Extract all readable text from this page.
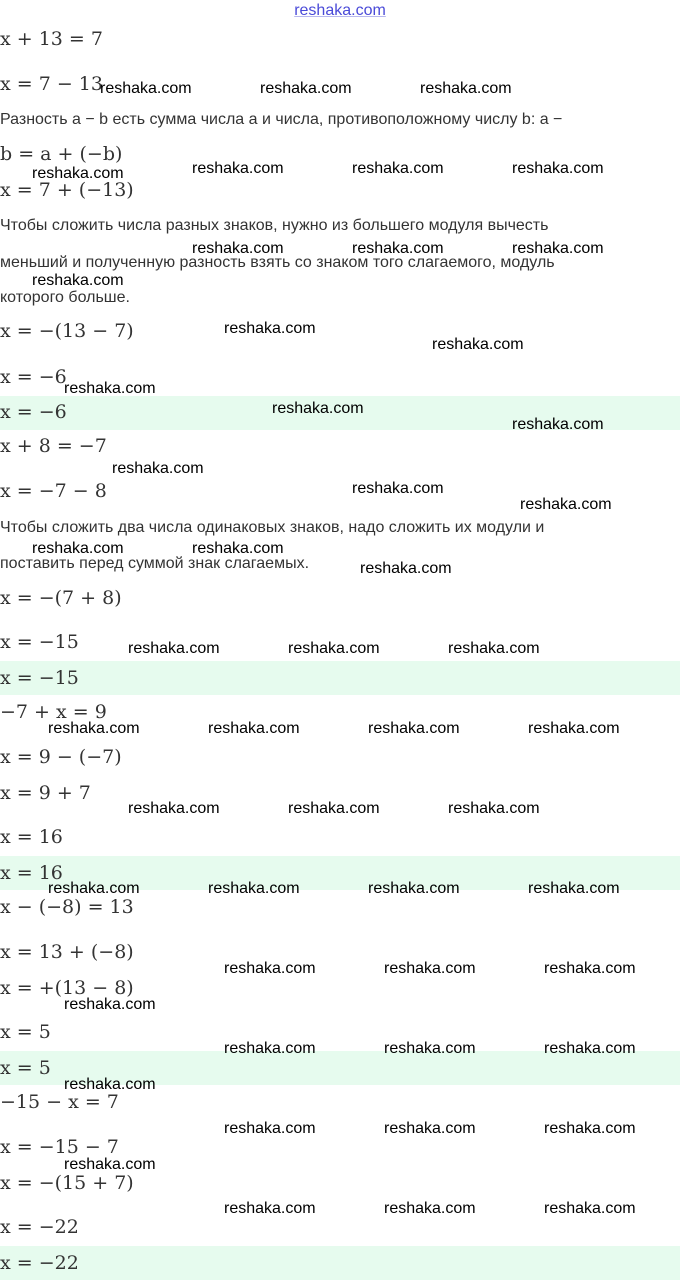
reshaka.com
x + 13 = 7
x = 7 − 13
Разность a − b есть сумма числа a и числа, противоположному числу b: a −
b = a + (−b)
x = 7 + (−13)
Чтобы сложить числа разных знаков, нужно из большего модуля вычесть
меньший и полученную разность взять со знаком того слагаемого, модуль
которого больше.
x = −(13 − 7)
x = −6
x = −6
x + 8 = −7
x = −7 − 8
Чтобы сложить два числа одинаковых знаков, надо сложить их модули и
поставить перед суммой знак слагаемых.
x = −(7 + 8)
x = −15
x = −15
−7 + x = 9
x = 9 − (−7)
x = 9 + 7
x = 16
x = 16
x − (−8) = 13
x = 13 + (−8)
x = +(13 − 8)
x = 5
x = 5
−15 − x = 7
x = −15 − 7
x = −(15 + 7)
x = −22
x = −22
reshaka.com	reshaka.com	reshaka.com
reshaka.com	reshaka.com	reshaka.com
reshaka.com
reshaka.com	reshaka.com	reshaka.com
reshaka.com
reshaka.com
reshaka.com
reshaka.com
reshaka.com
reshaka.com
reshaka.com
reshaka.com
reshaka.com
reshaka.com	reshaka.com
reshaka.com
reshaka.com	reshaka.com	reshaka.com
reshaka.com	reshaka.com	reshaka.com	reshaka.com
reshaka.com	reshaka.com	reshaka.com
reshaka.com	reshaka.com	reshaka.com	reshaka.com
reshaka.com	reshaka.com	reshaka.com
reshaka.com
reshaka.com	reshaka.com	reshaka.com
reshaka.com
reshaka.com	reshaka.com	reshaka.com
reshaka.com
reshaka.com	reshaka.com	reshaka.com
